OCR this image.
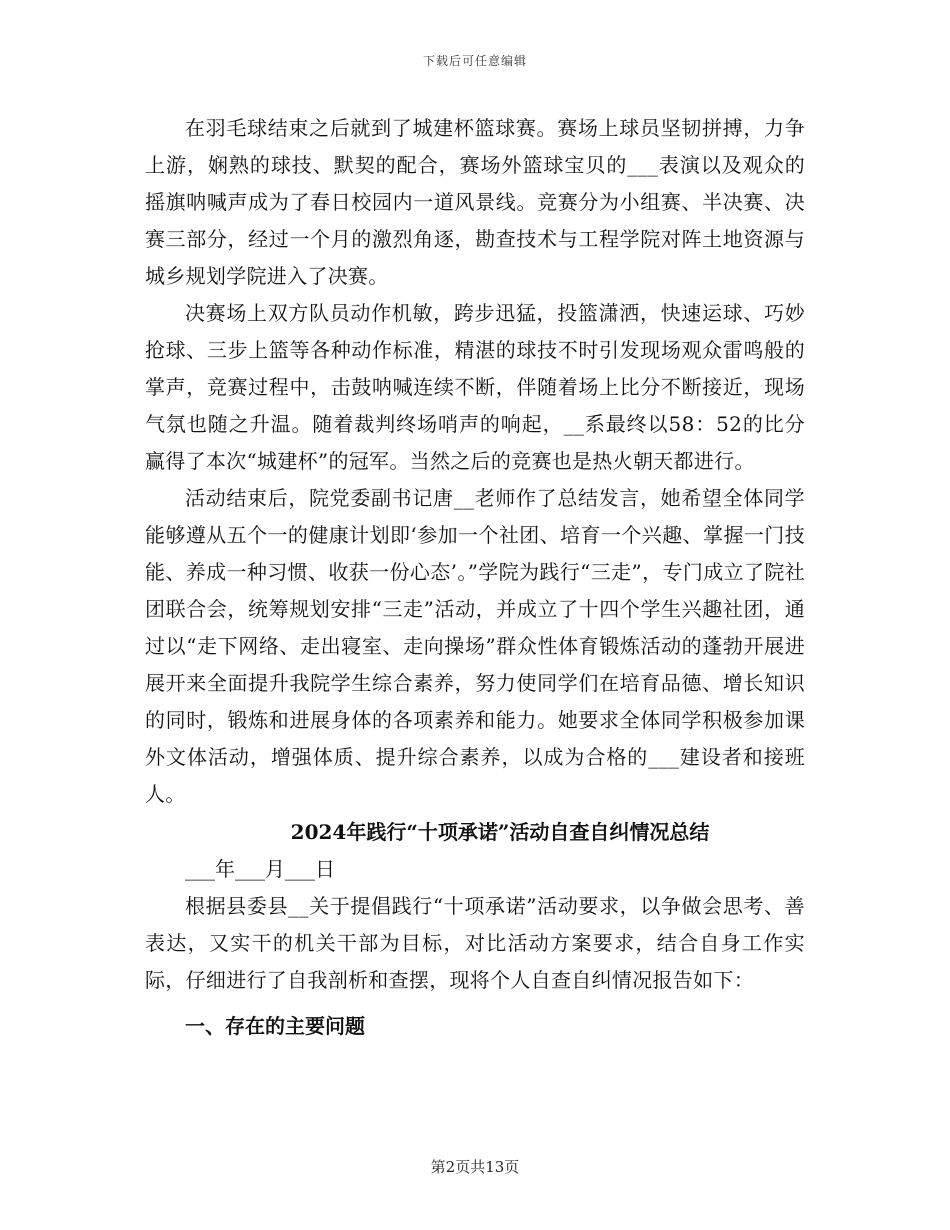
下载后可任意编辑

在羽毛球结束之后就到了城建杯篮球赛。赛场上球员坚韧拼搏，力争上游，娴熟的球技、默契的配合，赛场外篮球宝贝的___表演以及观众的摇旗呐喊声成为了春日校园内一道风景线。竞赛分为小组赛、半决赛、决赛三部分，经过一个月的激烈角逐，勘查技术与工程学院对阵土地资源与城乡规划学院进入了决赛。

决赛场上双方队员动作机敏，跨步迅猛，投篮潇洒，快速运球、巧妙抢球、三步上篮等各种动作标准，精湛的球技不时引发现场观众雷鸣般的掌声，竞赛过程中，击鼓呐喊连续不断，伴随着场上比分不断接近，现场气氛也随之升温。随着裁判终场哨声的响起，__系最终以58：52的比分赢得了本次“城建杯”的冠军。当然之后的竞赛也是热火朝天都进行。

活动结束后，院党委副书记唐__老师作了总结发言，她希望全体同学能够遵从五个一的健康计划即‘参加一个社团、培育一个兴趣、掌握一门技能、养成一种习惯、收获一份心态’。”学院为践行“三走”，专门成立了院社团联合会，统筹规划安排“三走”活动，并成立了十四个学生兴趣社团，通过以“走下网络、走出寝室、走向操场”群众性体育锻炼活动的蓬勃开展进展开来全面提升我院学生综合素养，努力使同学们在培育品德、增长知识的同时，锻炼和进展身体的各项素养和能力。她要求全体同学积极参加课外文体活动，增强体质、提升综合素养，以成为合格的___建设者和接班人。

2024年践行“十项承诺”活动自查自纠情况总结

___年___月___日

根据县委县__关于提倡践行“十项承诺”活动要求，以争做会思考、善表达，又实干的机关干部为目标，对比活动方案要求，结合自身工作实际，仔细进行了自我剖析和查摆，现将个人自查自纠情况报告如下：

一、存在的主要问题
第2页共13页
